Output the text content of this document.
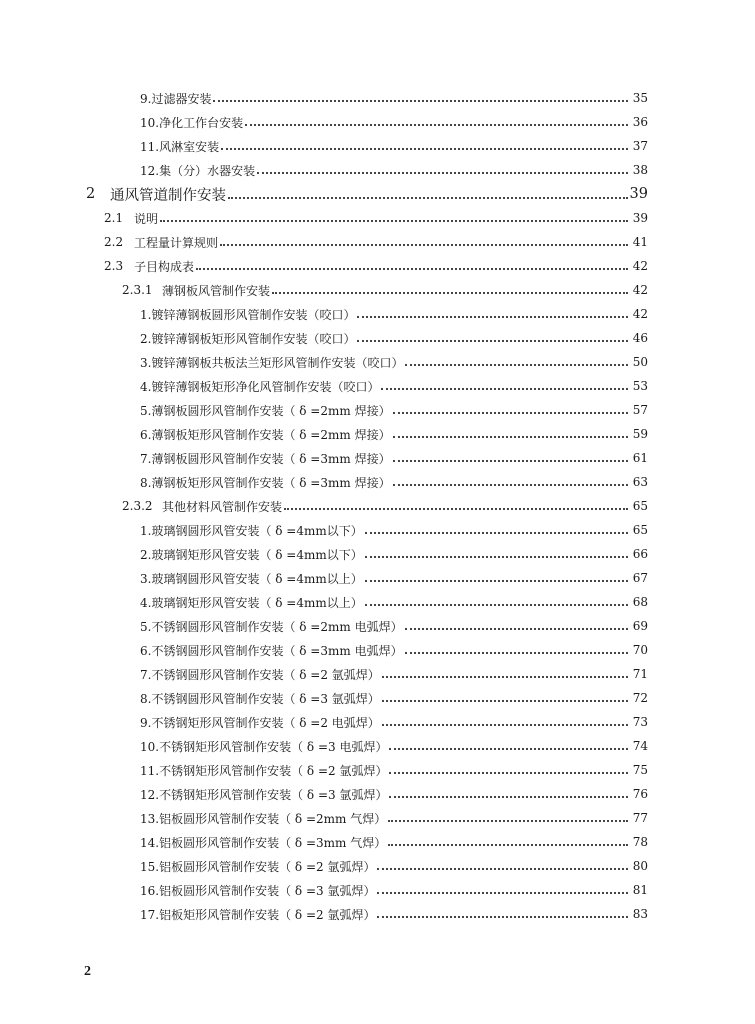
9.过滤器安装	35
10.净化工作台安装	36
11.风淋室安装	37
12.集（分）水器安装	38
2	通风管道制作安装	39
2.1 说明	39
2.2 工程量计算规则	41
2.3 子目构成表	42
2.3.1 薄钢板风管制作安装	42
1.镀锌薄钢板圆形风管制作安装（咬口）	42
2.镀锌薄钢板矩形风管制作安装（咬口）	46
3.镀锌薄钢板共板法兰矩形风管制作安装（咬口）	50
4.镀锌薄钢板矩形净化风管制作安装（咬口）	53
5.薄钢板圆形风管制作安装（ δ =2mm 焊接）	57
6.薄钢板矩形风管制作安装（ δ =2mm 焊接）	59
7.薄钢板圆形风管制作安装（ δ =3mm 焊接）	61
8.薄钢板矩形风管制作安装（ δ =3mm 焊接）	63
2.3.2 其他材料风管制作安装	65
1.玻璃钢圆形风管安装（ δ =4mm以下）	65
2.玻璃钢矩形风管安装（ δ =4mm以下）	66
3.玻璃钢圆形风管安装（ δ =4mm以上）	67
4.玻璃钢矩形风管安装（ δ =4mm以上）	68
5.不锈钢圆形风管制作安装（ δ =2mm 电弧焊）	69
6.不锈钢圆形风管制作安装（ δ =3mm 电弧焊）	70
7.不锈钢圆形风管制作安装（ δ =2 氩弧焊）	71
8.不锈钢圆形风管制作安装（ δ =3 氩弧焊）	72
9.不锈钢矩形风管制作安装（ δ =2 电弧焊）	73
10.不锈钢矩形风管制作安装（ δ =3 电弧焊）	74
11.不锈钢矩形风管制作安装（ δ =2 氩弧焊）	75
12.不锈钢矩形风管制作安装（ δ =3 氩弧焊）	76
13.铝板圆形风管制作安装（ δ =2mm 气焊）	77
14.铝板圆形风管制作安装（ δ =3mm 气焊）	78
15.铝板圆形风管制作安装（ δ =2 氩弧焊）	80
16.铝板圆形风管制作安装（ δ =3 氩弧焊）	81
17.铝板矩形风管制作安装（ δ =2 氩弧焊）	83
2
